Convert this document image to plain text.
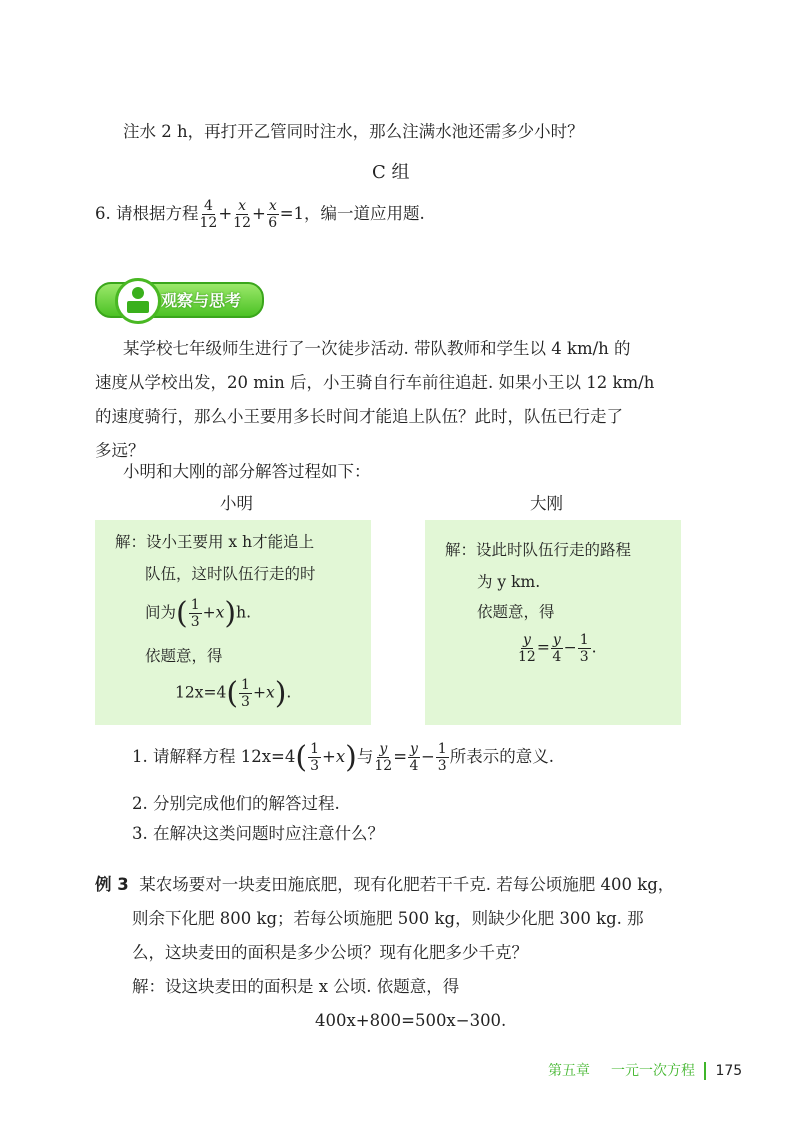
注水 2 h，再打开乙管同时注水，那么注满水池还需多少小时？
C 组
6. 请根据方程 $\frac{4}{12} + \frac{x}{12} + \frac{x}{6} =1$，编一道应用题.
观察与思考
某学校七年级师生进行了一次徒步活动. 带队教师和学生以 4 km/h 的
速度从学校出发，20 min 后，小王骑自行车前往追赶. 如果小王以 12 km/h
的速度骑行，那么小王要用多长时间才能追上队伍？此时，队伍已行走了
多远？
小明和大刚的部分解答过程如下：
小明	大刚
解：设小王要用 x h才能追上
队伍，这时队伍行走的时
间为( $\frac{1}{3} +x)h$.
依题意，得
$12x=4( \frac{1}{3} +x)$.
解：设此时队伍行走的路程
为 y km.
依题意，得
$\frac{y}{12} = \frac{y}{4} - \frac{1}{3}$ .
1. 请解释方程 $12x=4( \frac{1}{3} +x)$与 $\frac{y}{12} = \frac{y}{4} - \frac{1}{3}$ 所表示的意义.
2. 分别完成他们的解答过程.
3. 在解决这类问题时应注意什么？
例 3 某农场要对一块麦田施底肥，现有化肥若干千克. 若每公顷施肥 400 kg，
则余下化肥 800 kg；若每公顷施肥 500 kg，则缺少化肥 300 kg. 那
么，这块麦田的面积是多少公顷？现有化肥多少千克？
解：设这块麦田的面积是 x 公顷. 依题意，得
400x+800=500x−300.
第五章 一元一次方程 175
